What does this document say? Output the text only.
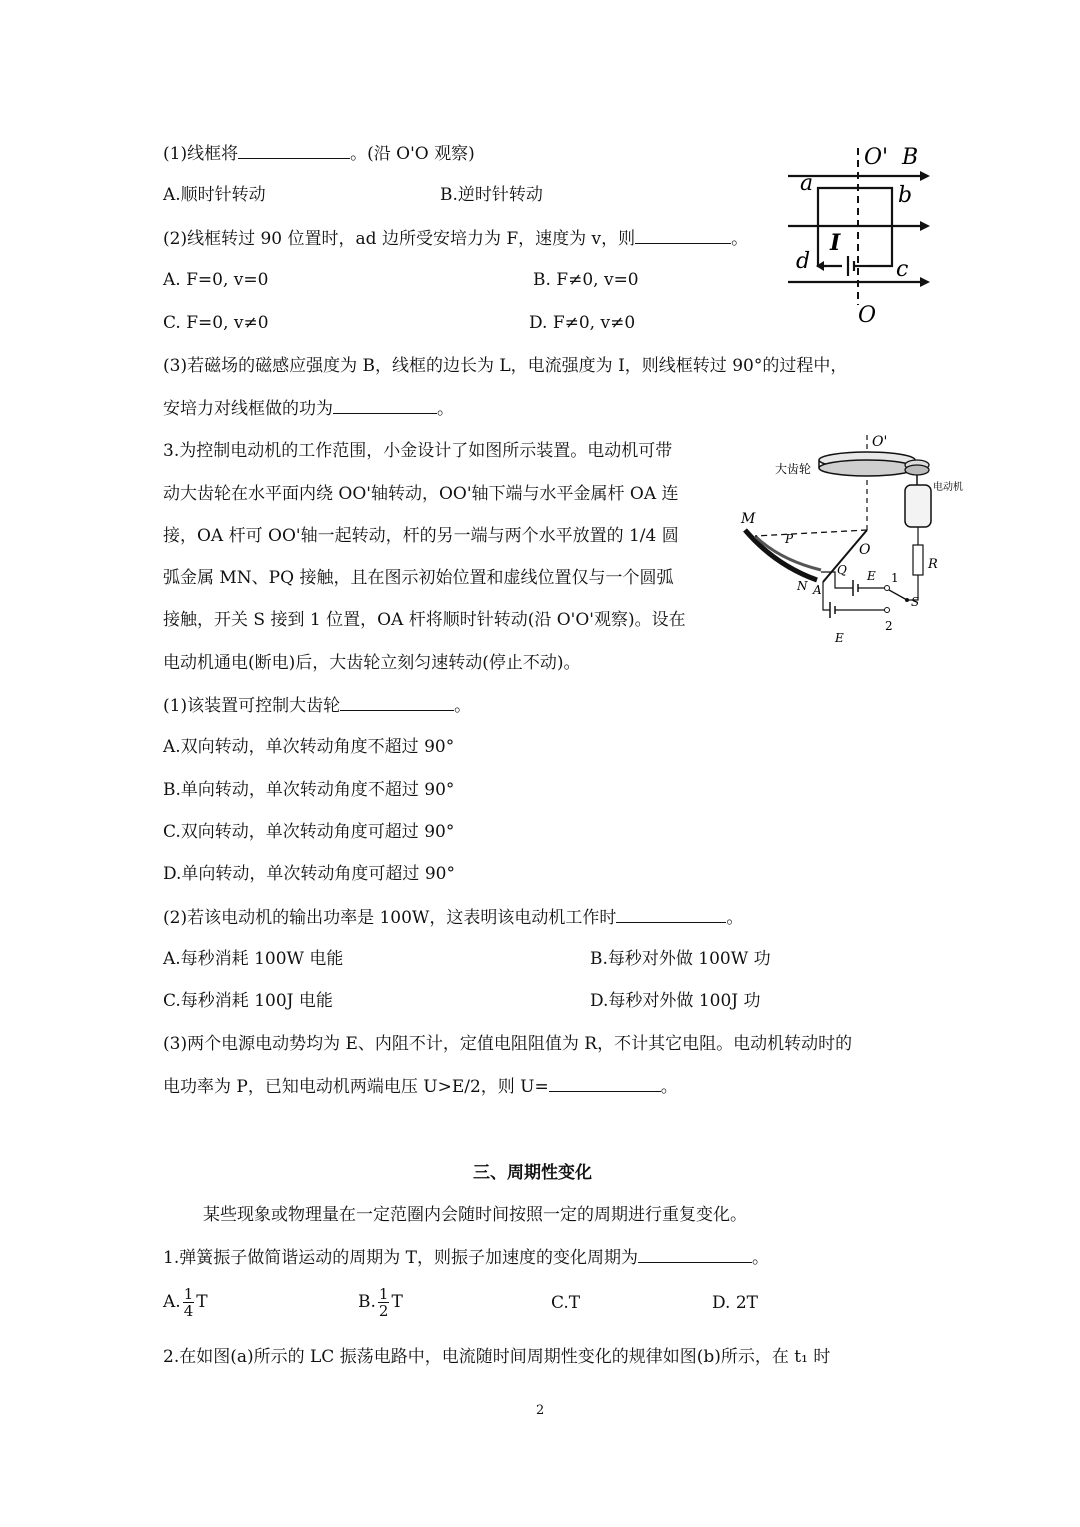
(1)线框将	。(沿 O'O 观察)
A.顺时针转动	B.逆时针转动
(2)线框转过 90 位置时，ad 边所受安培力为 F，速度为 v，则	。
A. F=0, v=0	B. F≠0, v=0
C. F=0, v≠0	D. F≠0, v≠0
(3)若磁场的磁感应强度为 B，线框的边长为 L，电流强度为 I，则线框转过 90°的过程中，
安培力对线框做的功为	。
O' B
a	b
I
d	c
O
3.为控制电动机的工作范围，小金设计了如图所示装置。电动机可带
动大齿轮在水平面内绕 OO'轴转动，OO'轴下端与水平金属杆 OA 连
接，OA 杆可 OO'轴一起转动，杆的另一端与两个水平放置的 1/4 圆
弧金属 MN、PQ 接触，且在图示初始位置和虚线位置仅与一个圆弧
接触，开关 S 接到 1 位置，OA 杆将顺时针转动(沿 O'O'观察)。设在
电动机通电(断电)后，大齿轮立刻匀速转动(停止不动)。
(1)该装置可控制大齿轮	。
A.双向转动，单次转动角度不超过 90°
B.单向转动，单次转动角度不超过 90°
C.双向转动，单次转动角度可超过 90°
D.单向转动，单次转动角度可超过 90°
(2)若该电动机的输出功率是 100W，这表明该电动机工作时	。
A.每秒消耗 100W 电能	B.每秒对外做 100W 功
C.每秒消耗 100J 电能	D.每秒对外做 100J 功
(3)两个电源电动势均为 E、内阻不计，定值电阻阻值为 R，不计其它电阻。电动机转动时的
电功率为 P，已知电动机两端电压 U>E/2，则 U=	。
O'
大齿轮
电动机
M
P
O
R
Q E 1
N A
S
2
E
三、周期性变化
某些现象或物理量在一定范圈内会随时间按照一定的周期进行重复变化。
1.弹簧振子做简谐运动的周期为 T，则振子加速度的变化周期为	。
A. $\frac{1}{4}$ T	B. $\frac{1}{2}$ T	C.T	D. 2T
2.在如图(a)所示的 LC 振荡电路中，电流随时间周期性变化的规律如图(b)所示，在 t₁ 时
2
